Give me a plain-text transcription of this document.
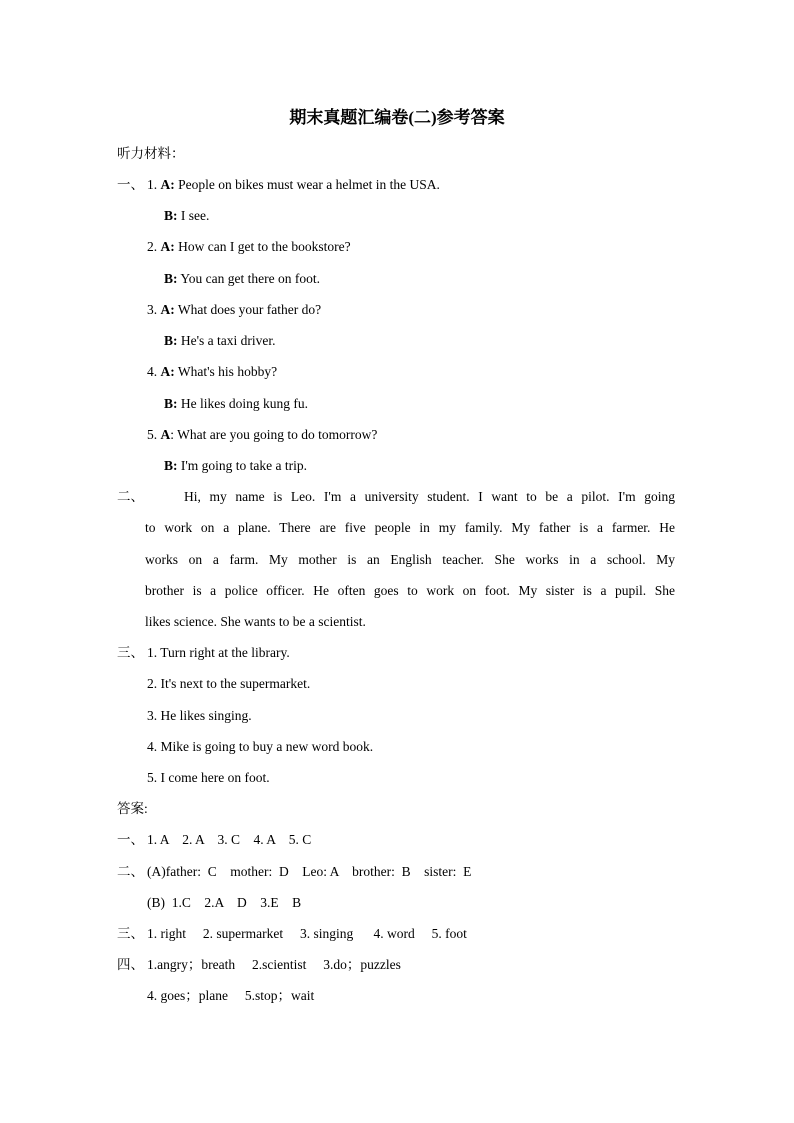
期末真题汇编卷(二)参考答案
听力材料：
一、 1. A: People on bikes must wear a helmet in the USA.
B: I see.
2. A: How can I get to the bookstore?
B: You can get there on foot.
3. A: What does your father do?
B: He's a taxi driver.
4. A: What's his hobby?
B: He likes doing kung fu.
5. A: What are you going to do tomorrow?
B: I'm going to take a trip.
二、	Hi, my name is Leo. I'm a university student. I want to be a pilot. I'm going
to work on a plane. There are five people in my family. My father is a farmer. He
works on a farm. My mother is an English teacher. She works in a school. My
brother is a police officer. He often goes to work on foot. My sister is a pupil. She
likes science. She wants to be a scientist.
三、 1. Turn right at the library.
2. It's next to the supermarket.
3. He likes singing.
4. Mike is going to buy a new word book.
5. I come here on foot.
答案:
一、 1. A    2. A    3. C    4. A    5. C
二、 (A)father:  C    mother:  D    Leo: A    brother:  B    sister:  E
(B)  1.C    2.A    D    3.E    B
三、 1. right     2. supermarket     3. singing      4. word     5. foot
四、 1.angry；breath     2.scientist     3.do；puzzles
4. goes；plane     5.stop；wait
